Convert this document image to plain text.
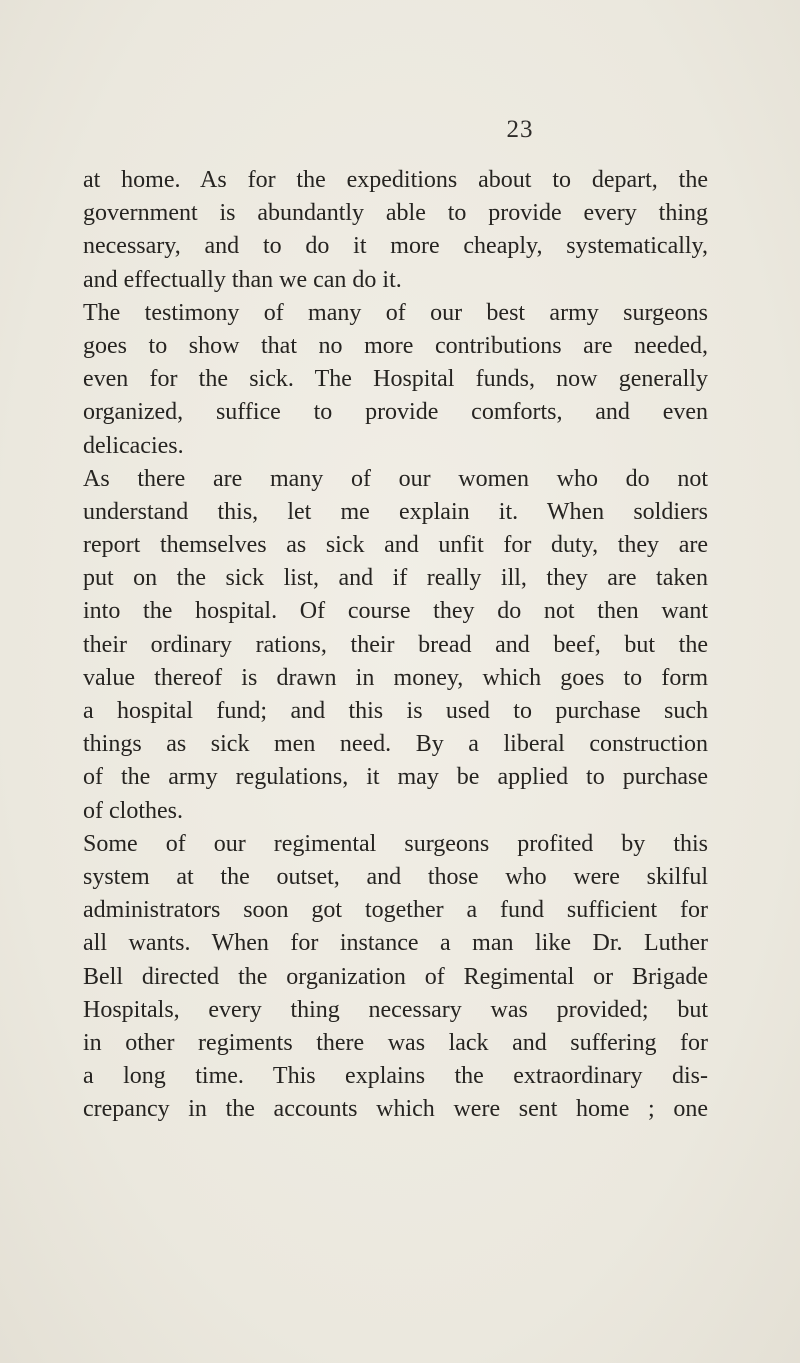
23
at home. As for the expeditions about to depart, the
government is abundantly able to provide every thing
necessary, and to do it more cheaply, systematically,
and effectually than we can do it.
The testimony of many of our best army surgeons
goes to show that no more contributions are needed,
even for the sick. The Hospital funds, now generally
organized, suffice to provide comforts, and even
delicacies.
As there are many of our women who do not
understand this, let me explain it. When soldiers
report themselves as sick and unfit for duty, they are
put on the sick list, and if really ill, they are taken
into the hospital. Of course they do not then want
their ordinary rations, their bread and beef, but the
value thereof is drawn in money, which goes to form
a hospital fund; and this is used to purchase such
things as sick men need. By a liberal construction
of the army regulations, it may be applied to purchase
of clothes.
Some of our regimental surgeons profited by this
system at the outset, and those who were skilful
administrators soon got together a fund sufficient for
all wants. When for instance a man like Dr. Luther
Bell directed the organization of Regimental or Brigade
Hospitals, every thing necessary was provided; but
in other regiments there was lack and suffering for
a long time. This explains the extraordinary dis-
crepancy in the accounts which were sent home ; one
